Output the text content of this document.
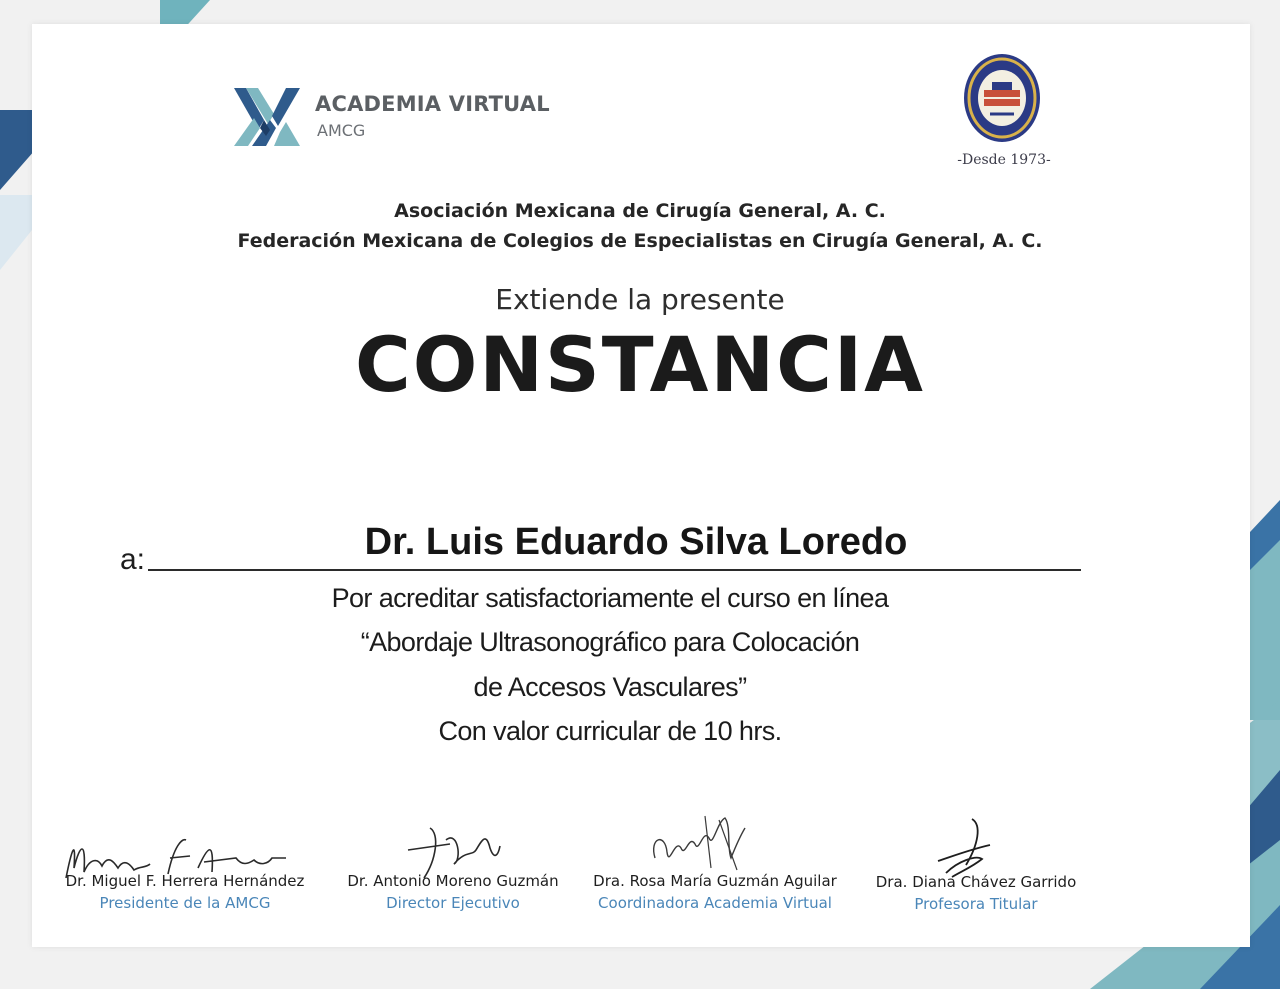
ACADEMIA VIRTUAL
AMCG
-Desde 1973-
Asociación Mexicana de Cirugía General, A. C.
Federación Mexicana de Colegios de Especialistas en Cirugía General, A. C.
Extiende la presente
CONSTANCIA
a:	Dr. Luis Eduardo Silva Loredo
Por acreditar satisfactoriamente el curso en línea
“Abordaje Ultrasonográfico para Colocación
de Accesos Vasculares”
Con valor curricular de 10 hrs.
Dr. Miguel F. Herrera Hernández
Presidente de la AMCG
Dr. Antonio Moreno Guzmán
Director Ejecutivo
Dra. Rosa María Guzmán Aguilar
Coordinadora Academia Virtual
Dra. Diana Chávez Garrido
Profesora Titular
